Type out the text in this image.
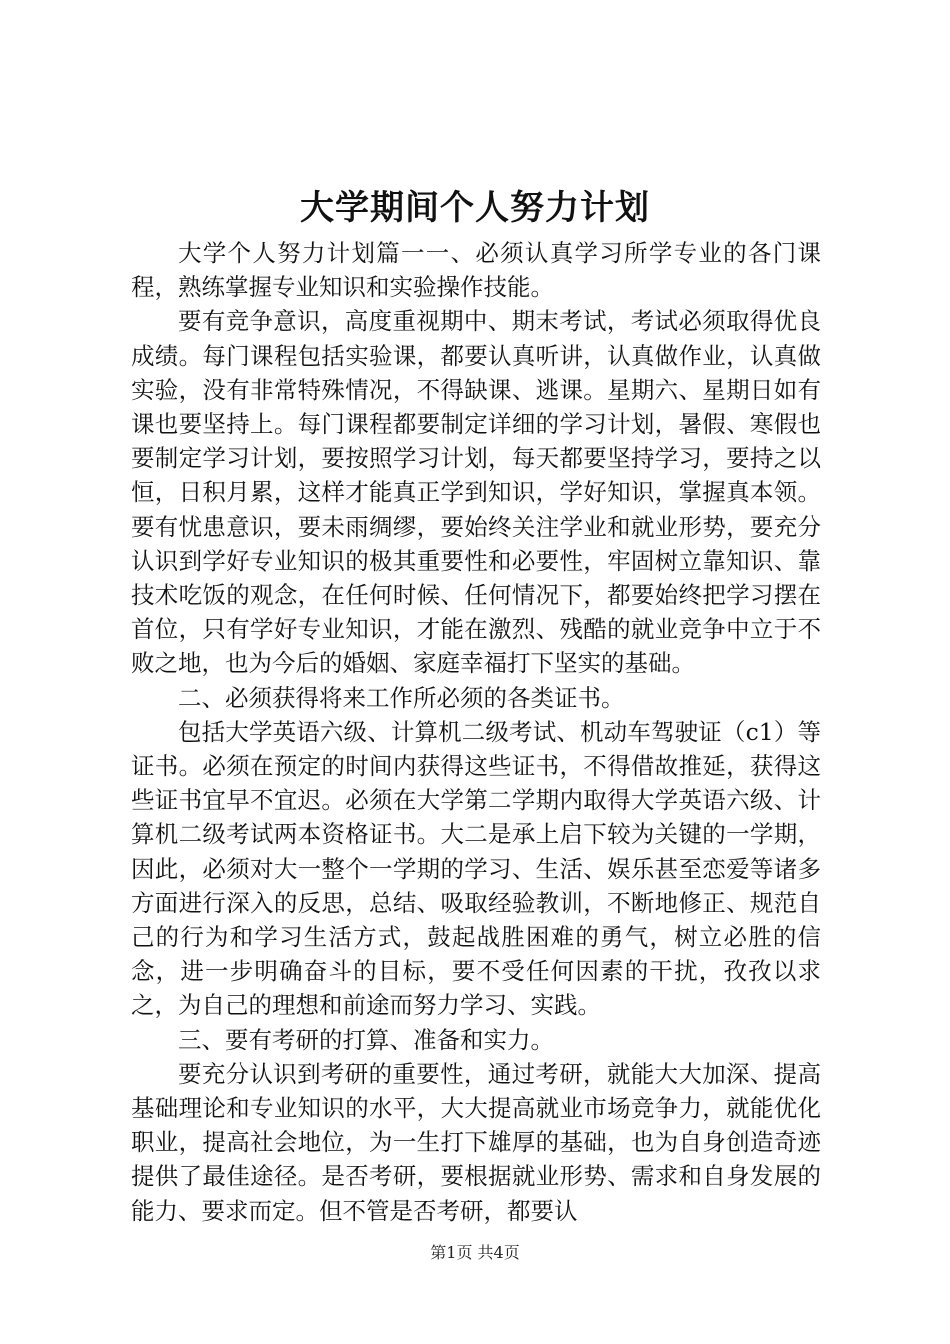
大学期间个人努力计划

大学个人努力计划篇一一、必须认真学习所学专业的各门课程，熟练掌握专业知识和实验操作技能。

要有竞争意识，高度重视期中、期末考试，考试必须取得优良成绩。每门课程包括实验课，都要认真听讲，认真做作业，认真做实验，没有非常特殊情况，不得缺课、逃课。星期六、星期日如有课也要坚持上。每门课程都要制定详细的学习计划，暑假、寒假也要制定学习计划，要按照学习计划，每天都要坚持学习，要持之以恒，日积月累，这样才能真正学到知识，学好知识，掌握真本领。要有忧患意识，要未雨绸缪，要始终关注学业和就业形势，要充分认识到学好专业知识的极其重要性和必要性，牢固树立靠知识、靠技术吃饭的观念，在任何时候、任何情况下，都要始终把学习摆在首位，只有学好专业知识，才能在激烈、残酷的就业竞争中立于不败之地，也为今后的婚姻、家庭幸福打下坚实的基础。

二、必须获得将来工作所必须的各类证书。

包括大学英语六级、计算机二级考试、机动车驾驶证（c1）等证书。必须在预定的时间内获得这些证书，不得借故推延，获得这些证书宜早不宜迟。必须在大学第二学期内取得大学英语六级、计算机二级考试两本资格证书。大二是承上启下较为关键的一学期，因此，必须对大一整个一学期的学习、生活、娱乐甚至恋爱等诸多方面进行深入的反思，总结、吸取经验教训，不断地修正、规范自己的行为和学习生活方式，鼓起战胜困难的勇气，树立必胜的信念，进一步明确奋斗的目标，要不受任何因素的干扰，孜孜以求之，为自己的理想和前途而努力学习、实践。

三、要有考研的打算、准备和实力。

要充分认识到考研的重要性，通过考研，就能大大加深、提高基础理论和专业知识的水平，大大提高就业市场竞争力，就能优化职业，提高社会地位，为一生打下雄厚的基础，也为自身创造奇迹提供了最佳途径。是否考研，要根据就业形势、需求和自身发展的能力、要求而定。但不管是否考研，都要认

第1页 共4页
